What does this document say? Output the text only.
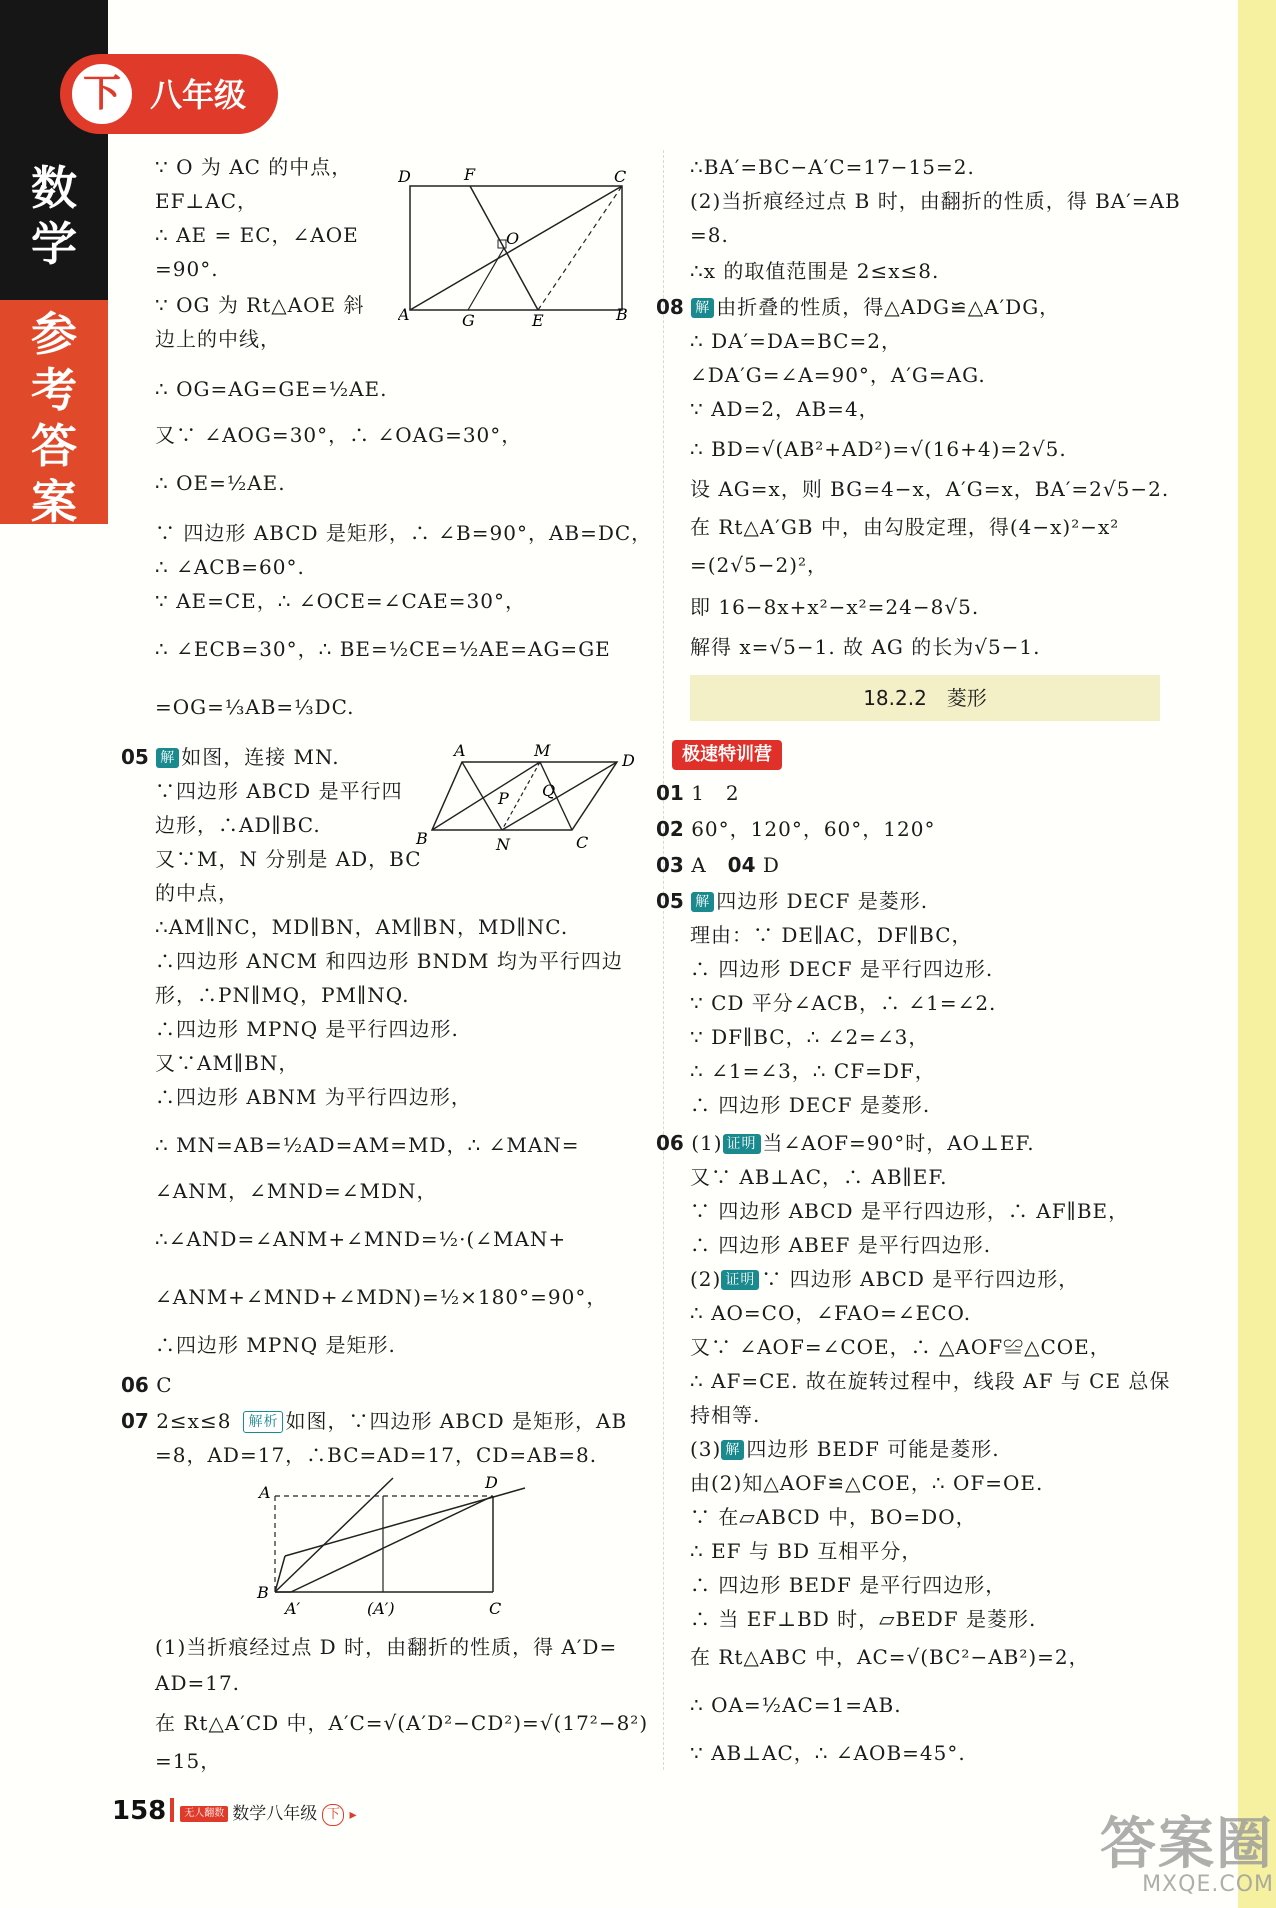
数
学
参
考
答
案
下 八年级
∵ O 为 AC 的中点，
EF⊥AC，
∴ AE = EC，∠AOE
=90°.
∵ OG 为 Rt△AOE 斜
边上的中线，
∴ OG=AG=GE=½AE.
又∵ ∠AOG=30°，∴ ∠OAG=30°，
∴ OE=½AE.
∵ 四边形 ABCD 是矩形，∴ ∠B=90°，AB=DC，
∴ ∠ACB=60°.
∵ AE=CE，∴ ∠OCE=∠CAE=30°，
∴ ∠ECB=30°，∴ BE=½CE=½AE=AG=GE
=OG=⅓AB=⅓DC.
05 解 如图，连接 MN.
∵四边形 ABCD 是平行四
边形，∴AD∥BC.
又∵M，N 分别是 AD，BC
的中点，
∴AM∥NC，MD∥BN，AM∥BN，MD∥NC.
∴四边形 ANCM 和四边形 BNDM 均为平行四边
形，∴PN∥MQ，PM∥NQ.
∴四边形 MPNQ 是平行四边形.
又∵AM∥BN，
∴四边形 ABNM 为平行四边形，
∴ MN=AB=½AD=AM=MD，∴ ∠MAN=
∠ANM，∠MND=∠MDN，
∴∠AND=∠ANM+∠MND=½·(∠MAN+
∠ANM+∠MND+∠MDN)=½×180°=90°，
∴四边形 MPNQ 是矩形.
06 C
07 2≤x≤8 解析 如图，∵四边形 ABCD 是矩形，AB
=8，AD=17，∴BC=AD=17，CD=AB=8.
(1)当折痕经过点 D 时，由翻折的性质，得 A′D=
AD=17.
在 Rt△A′CD 中，A′C=√(A′D²−CD²)=√(17²−8²)
=15，
∴BA′=BC−A′C=17−15=2.
(2)当折痕经过点 B 时，由翻折的性质，得 BA′=AB
=8.
∴x 的取值范围是 2≤x≤8.
08 解 由折叠的性质，得△ADG≌△A′DG，
∴ DA′=DA=BC=2，
∠DA′G=∠A=90°，A′G=AG.
∵ AD=2，AB=4，
∴ BD=√(AB²+AD²)=√(16+4)=2√5.
设 AG=x，则 BG=4−x，A′G=x，BA′=2√5−2.
在 Rt△A′GB 中，由勾股定理，得(4−x)²−x²
=(2√5−2)²，
即 16−8x+x²−x²=24−8√5.
解得 x=√5−1. 故 AG 的长为√5−1.
01 1　2
02 60°，120°，60°，120°
03 A　04 D
05 解 四边形 DECF 是菱形.
理由：∵ DE∥AC，DF∥BC，
∴ 四边形 DECF 是平行四边形.
∵ CD 平分∠ACB，∴ ∠1=∠2.
∵ DF∥BC，∴ ∠2=∠3，
∴ ∠1=∠3，∴ CF=DF，
∴ 四边形 DECF 是菱形.
06 (1) 证明 当∠AOF=90°时，AO⊥EF.
又∵ AB⊥AC，∴ AB∥EF.
∵ 四边形 ABCD 是平行四边形，∴ AF∥BE，
∴ 四边形 ABEF 是平行四边形.
(2) 证明 ∵ 四边形 ABCD 是平行四边形，
∴ AO=CO，∠FAO=∠ECO.
又∵ ∠AOF=∠COE，∴ △AOF≌△COE，
∴ AF=CE. 故在旋转过程中，线段 AF 与 CE 总保
持相等.
(3) 解 四边形 BEDF 可能是菱形.
由(2)知△AOF≌△COE，∴ OF=OE.
∵ 在▱ABCD 中，BO=DO，
∴ EF 与 BD 互相平分，
∴ 四边形 BEDF 是平行四边形，
∴ 当 EF⊥BD 时，▱BEDF 是菱形.
在 Rt△ABC 中，AC=√(BC²−AB²)=2，
∴ OA=½AC=1=AB.
∵ AB⊥AC，∴ ∠AOB=45°.
18.2.2　菱形
极速特训营
D	F	C
O
A	G	E	B
A	M
D
P Q
B	N	C
A
D
B
A′	(A′)	C
158 无人翻数 数学八年级 下 ▸	答案圈
MXQE.COM
